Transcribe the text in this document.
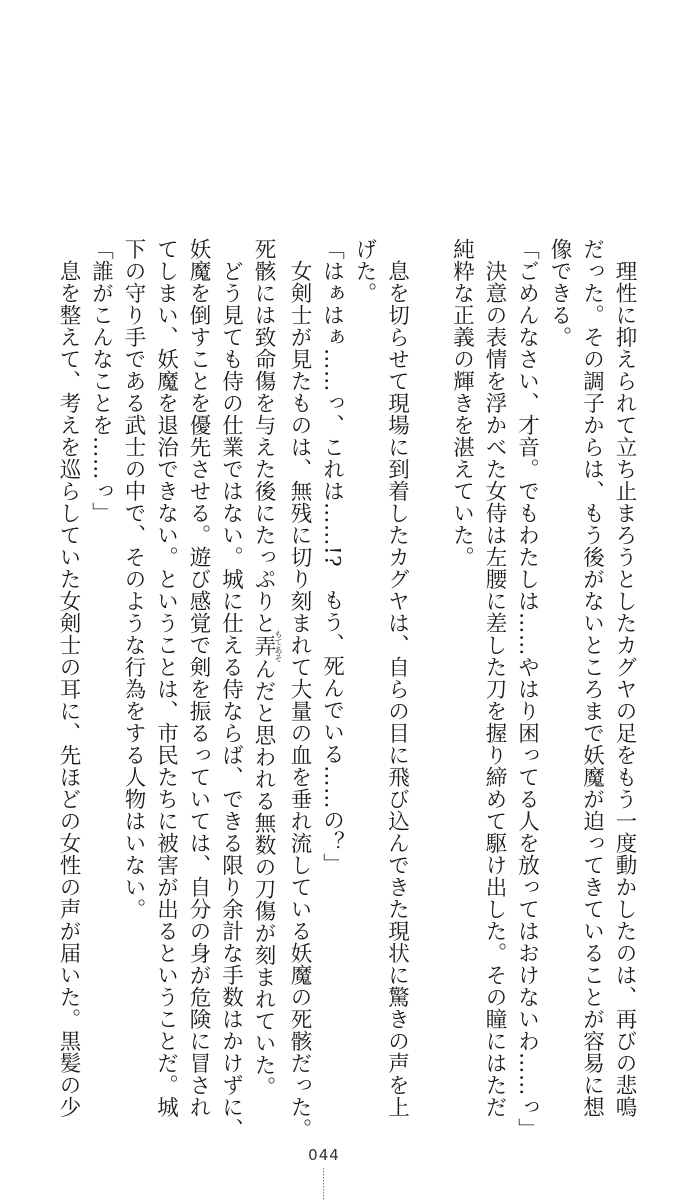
　理性に抑えられて立ち止まろうとしたカグヤの足をもう一度動かしたのは、再びの悲鳴
だった。その調子からは、もう後がないところまで妖魔が迫ってきていることが容易に想
像できる。
「ごめんなさい、才音。でもわたしは……やはり困ってる人を放ってはおけないわ……っ」
　決意の表情を浮かべた女侍は左腰に差した刀を握り締めて駆け出した。その瞳にはただ
純粋な正義の輝きを湛えていた。

　息を切らせて現場に到着したカグヤは、自らの目に飛び込んできた現状に驚きの声を上
げた。
「はぁはぁ……っ、これは……!?　もう、死んでいる……の？」
　女剣士が見たものは、無残に切り刻まれて大量の血を垂れ流している妖魔の死骸だった。
死骸には致命傷を与えた後にたっぷりと弄もてあそんだと思われる無数の刀傷が刻まれていた。
　どう見ても侍の仕業ではない。城に仕える侍ならば、できる限り余計な手数はかけずに、
妖魔を倒すことを優先させる。遊び感覚で剣を振るっていては、自分の身が危険に冒され
てしまい、妖魔を退治できない。ということは、市民たちに被害が出るということだ。城
下の守り手である武士の中で、そのような行為をする人物はいない。
「誰がこんなことを……っ」
　息を整えて、考えを巡らしていた女剣士の耳に、先ほどの女性の声が届いた。黒髪の少
044
